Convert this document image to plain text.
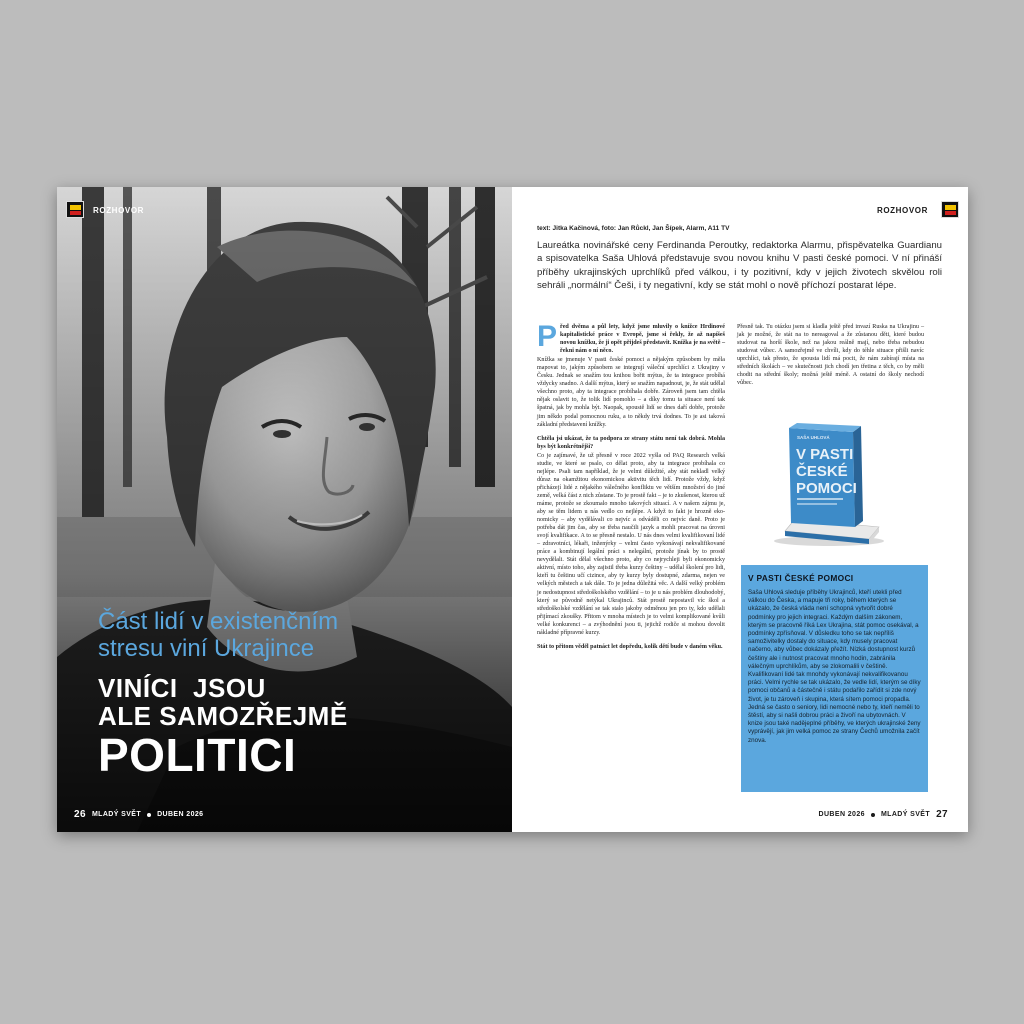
ROZHOVOR
Část lidí v existenčním
stresu viní Ukrajince
VINÍCI  JSOU
ALE SAMOZŘEJMĚ
POLITICI
26 MLADÝ SVĚT DUBEN 2026
ROZHOVOR
text: Jitka Kačinová, foto: Jan Růckl, Jan Šípek, Alarm, A11 TV
Laureátka novinářské ceny Ferdinanda Peroutky, redaktorka Alarmu, přispěvatelka Guardianu a spisovatelka Saša Uhlová představuje svou novou knihu V pasti české pomoci. V ní přináší příběhy ukrajinských uprchlíků před válkou, i ty pozitivní, kdy v jejich životech skvělou roli sehráli „normální“ Češi, i ty negativní, kdy se stát mohl o nově příchozí postarat lépe.

Před dvěma a půl lety, když jsme mluvily o knížce Hrdinové kapitalistické práce v Evropě, jsme si řekly, že až napíšeš novou knížku, že ji opět přijdeš představit. Knížka je na světě – řekni nám o ní něco.

Knížka se jmenuje V pasti české pomoci a nějakým způsobem by měla mapovat to, jakým způsobem se integrují váleční uprchlíci z Ukrajiny v Česku. Jednak se snažím tou knihou bořit mýtus, že ta integrace probíhá vždycky snadno. A další mýtus, který se snažím napadnout, je, že stát udělal všechno proto, aby ta integrace probíhala dobře. Zároveň jsem tam chtěla nějak oslavit to, že tolik lidí pomohlo – a díky tomu ta situace není tak špatná, jak by mohla být. Naopak, spoustě lidí se dnes daří dobře, protože jim někdo podal pomocnou ruku, a to někdy trvá dodnes. To je asi taková základní představení knížky.

Chtěla jsi ukázat, že ta podpora ze strany státu není tak dobrá. Mohla bys být konkrétnější?

Co je zajímavé, že už přesně v roce 2022 vyšla od PAQ Research velká studie, ve které se psalo, co dělat proto, aby ta integrace probíhala co nejlépe. Psali tam například, že je velmi důležité, aby stát nekladl velký důraz na okamžitou ekonomickou aktivitu těch lidí. Protože vždy, když přicházejí lidé z nějakého válečného konfliktu ve větším množství do jiné země, velká část z nich zůstane. To je prostě fakt – je to zkušenost, kterou už máme, protože se zkoumalo mnoho takových situací. A v našem zájmu je, aby se těm lidem u nás vedlo co nejlépe. A když to fakt je hrozně ekonomicky – aby vydělávali co nejvíc a odváděli co nejvíc daně. Proto je potřeba dát jim čas, aby se třeba naučili jazyk a mohli pracovat na úrovni svojí kvalifikace. A to se přesně nestalo. U nás dnes velmi kvalifikovaní lidé – zdravotníci, lékaři, inženýrky – velmi často vykonávají nekvalifikované práce a kombinují legální práci s nelegální, protože jínak by to prostě nevydělali. Stát dělal všechno proto, aby co nejrychleji byli ekonomicky aktivní, místo toho, aby zajistil třeba kurzy češtiny – udělal školení pro lidi, kteří tu češtinu učí cizince, aby ty kurzy byly dostupné, zdarma, nejen ve velkých městech a tak dále. To je jedna důležitá věc. A další velký problém je nedostupnost středoškolského vzdělání – to je u nás problém dlouhodobý, který se původně netýkal Ukrajinců. Stát prostě nepostavil víc škol a středoškolské vzdělání se tak stalo jakoby odměnou jen pro ty, kdo udělali přijímací zkoušky. Přitom v mnoha místech je to velmi komplikované kvůli velké konkurenci – a zvýhodnění jsou ti, jejichž rodiče si mohou dovolit nákladné přípravné kurzy.

Stát to přitom věděl patnáct let dopředu, kolik dětí bude v daném věku.

Přesně tak. Tu otázku jsem si kladla ještě před invazí Ruska na Ukrajinu – jak je možné, že stát na to nereagoval a že zůstanou děti, které budou studovat na horší škole, než na jakou reálně mají, nebo třeba nebudou studovat vůbec. A samozřejmě ve chvíli, kdy do téhle situace přišli navíc uprchlíci, tak přesto, že spousta lidí má pocit, že nám zabírají místa na středních školách – ve skutečnosti jich chodí jen třetina z těch, co by měli chodit na střední školy; možná ještě méně. A ostatní do školy nechodí vůbec.

SAŠA UHLOVÁ
V PASTI
ČESKÉ
POMOCI
V PASTI ČESKÉ POMOCI
Saša Uhlová sleduje příběhy Ukrajinců, kteří utekli před válkou do Česka, a mapuje tři roky, během kterých se ukázalo, že česká vláda není schopná vytvořit dobré podmínky pro jejich integraci. Každým dalším zákonem, kterým se pracovně říká Lex Ukrajina, stát pomoc osekával, a podmínky zpřísňoval. V důsledku toho se tak nepříliš samoživitelky dostaly do situace, kdy musely pracovat načerno, aby vůbec dokázaly přežít. Nízká dostupnost kurzů češtiny ale i nutnost pracovat mnoho hodin, zabránila válečným uprchlíkům, aby se zlokomalili v češtině. Kvalifikovaní lidé tak mnohdy vykonávají nekvalifikovanou práci. Velmi rychle se tak ukázalo, že vedle lidí, kterým se díky pomoci občanů a částečně i státu podařilo zařídit si zde nový život, je tu zároveň i skupina, která sítem pomoci propadla. Jedná se často o seniory, lidi nemocné nebo ty, kteří neměli to štěstí, aby si našli dobrou práci a živoří na ubytovnách. V knize jsou také nadějeplné příběhy, ve kterých ukrajinské ženy vyprávějí, jak jim velká pomoc ze strany Čechů umožnila začít znova.
DUBEN 2026 MLADÝ SVĚT 27
